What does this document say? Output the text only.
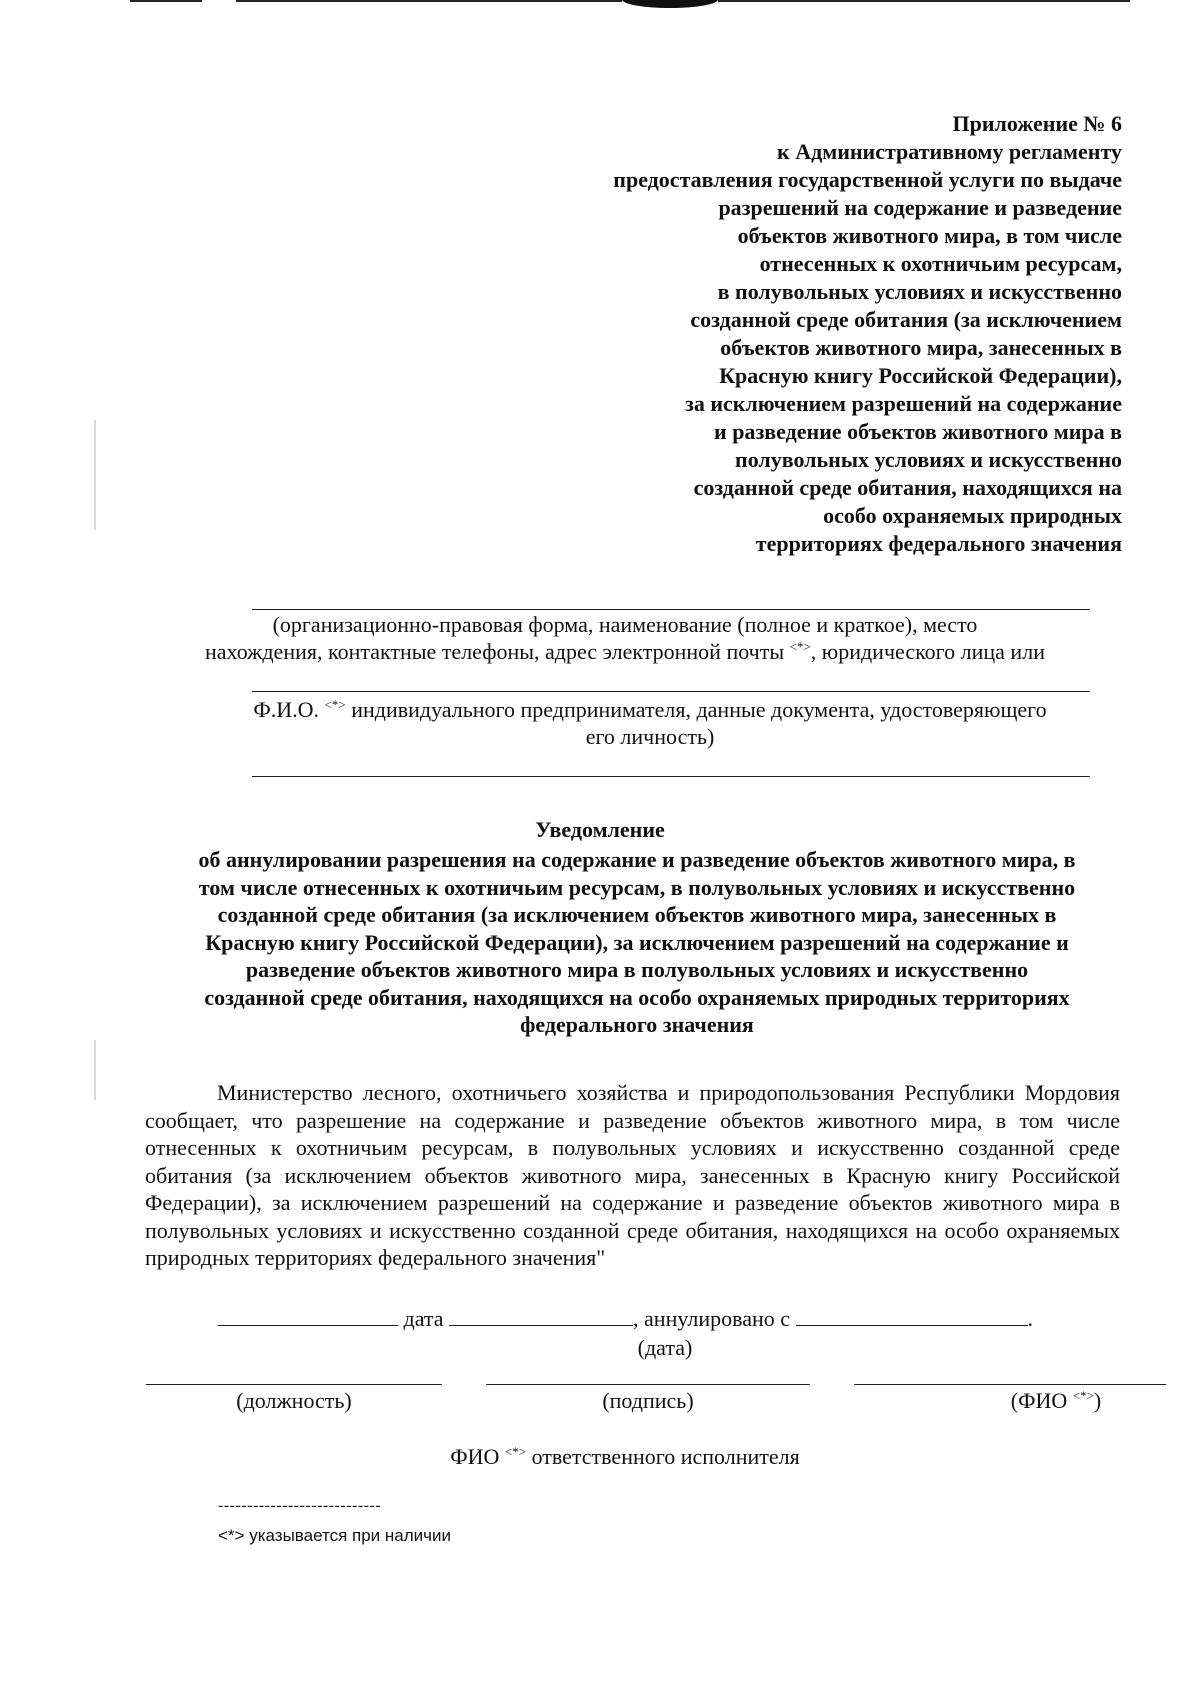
Приложение № 6
к Административному регламенту
предоставления государственной услуги по выдаче
разрешений на содержание и разведение
объектов животного мира, в том числе
отнесенных к охотничьим ресурсам,
в полувольных условиях и искусственно
созданной среде обитания (за исключением
объектов животного мира, занесенных в
Красную книгу Российской Федерации),
за исключением разрешений на содержание
и разведение объектов животного мира в
полувольных условиях и искусственно
созданной среде обитания, находящихся на
особо охраняемых природных
территориях федерального значения
(организационно-правовая форма, наименование (полное и краткое), место
нахождения, контактные телефоны, адрес электронной почты <*>, юридического лица или
Ф.И.О. <*> индивидуального предпринимателя, данные документа, удостоверяющего
его личность)
Уведомление
об аннулировании разрешения на содержание и разведение объектов животного мира, в
том числе отнесенных к охотничьим ресурсам, в полувольных условиях и искусственно
созданной среде обитания (за исключением объектов животного мира, занесенных в
Красную книгу Российской Федерации), за исключением разрешений на содержание и
разведение объектов животного мира в полувольных условиях и искусственно
созданной среде обитания, находящихся на особо охраняемых природных территориях
федерального значения
Министерство лесного, охотничьего хозяйства и природопользования Республики Мордовия сообщает, что разрешение на содержание и разведение объектов животного мира, в том числе отнесенных к охотничьим ресурсам, в полувольных условиях и искусственно созданной среде обитания (за исключением объектов животного мира, занесенных в Красную книгу Российской Федерации), за исключением разрешений на содержание и разведение объектов животного мира в полувольных условиях и искусственно созданной среде обитания, находящихся на особо охраняемых природных территориях федерального значения"
дата	, аннулировано с	.
(дата)
(должность)	(подпись)	(ФИО <*>)
ФИО <*> ответственного исполнителя
----------------------------
<*> указывается при наличии
